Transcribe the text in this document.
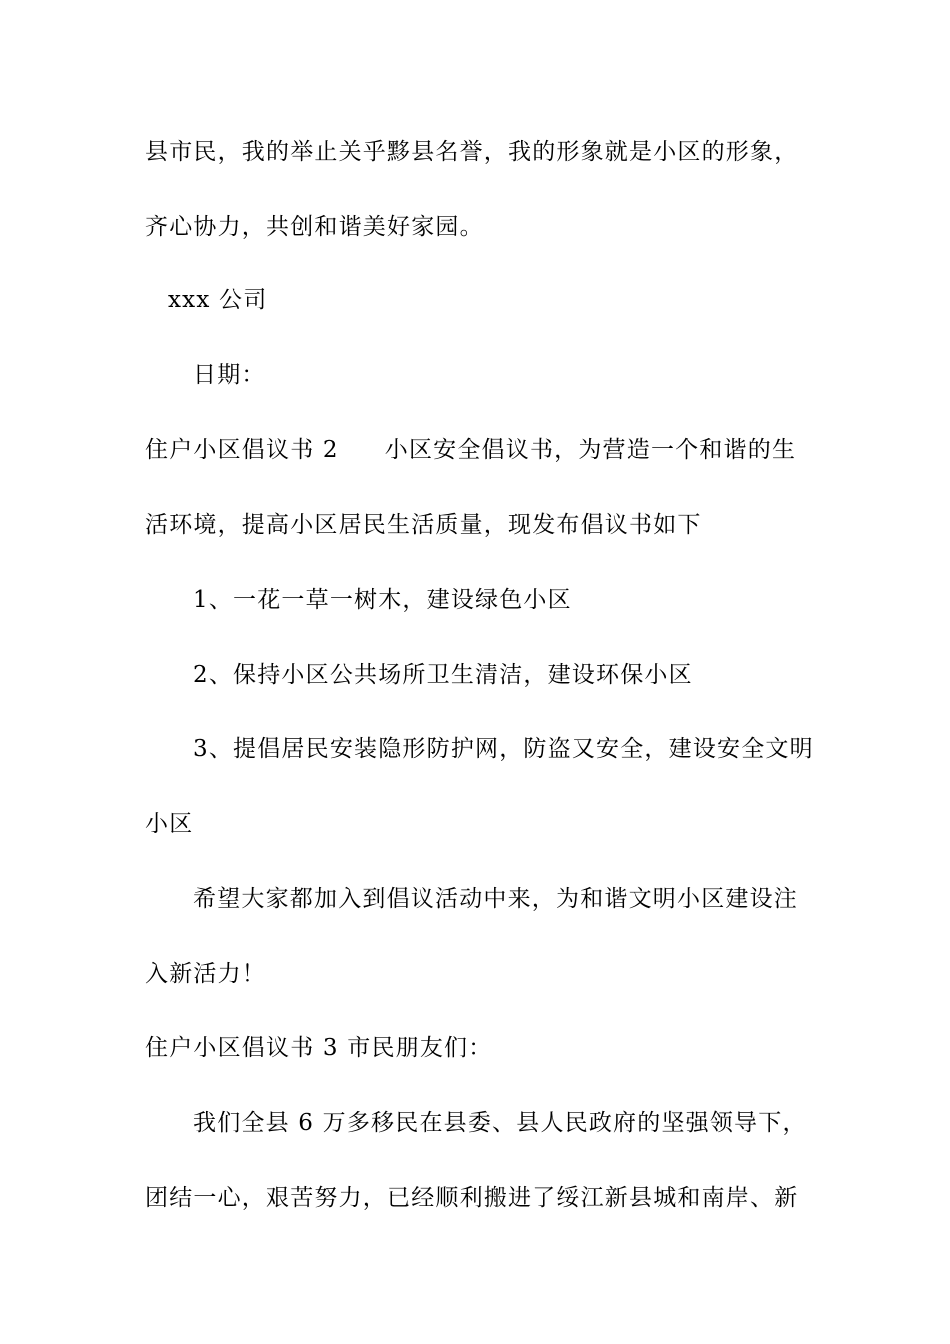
县市民，我的举止关乎黟县名誉，我的形象就是小区的形象，
齐心协力，共创和谐美好家园。
xxx 公司
日期：
住户小区倡议书 2 小区安全倡议书，为营造一个和谐的生
活环境，提高小区居民生活质量，现发布倡议书如下
1、一花一草一树木，建设绿色小区
2、保持小区公共场所卫生清洁，建设环保小区
3、提倡居民安装隐形防护网，防盗又安全，建设安全文明
小区
希望大家都加入到倡议活动中来，为和谐文明小区建设注
入新活力！
住户小区倡议书 3 市民朋友们：
我们全县 6 万多移民在县委、县人民政府的坚强领导下，
团结一心，艰苦努力，已经顺利搬进了绥江新县城和南岸、新
